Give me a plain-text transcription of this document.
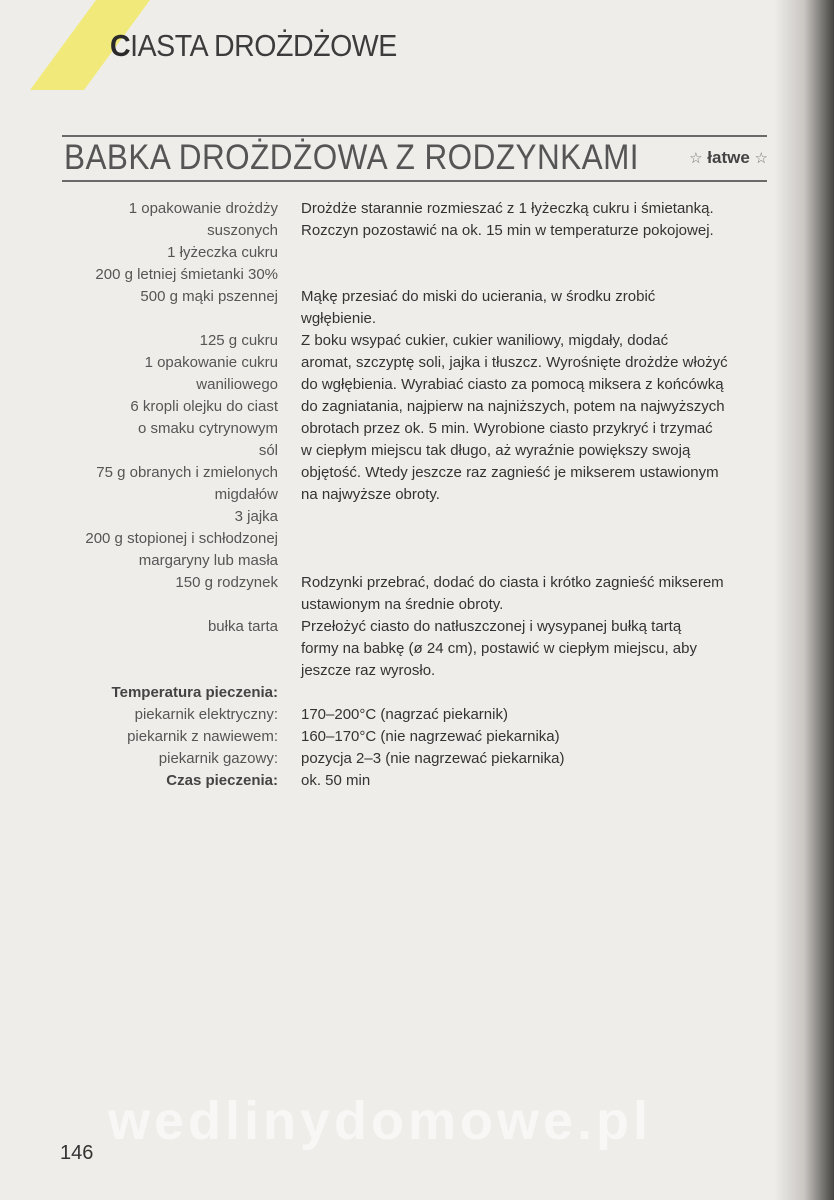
CIASTA DROŻDŻOWE
BABKA DROŻDŻOWA Z RODZYNKAMI	☆ łatwe ☆
1 opakowanie drożdży Drożdże starannie rozmieszać z 1 łyżeczką cukru i śmietanką.
suszonych Rozczyn pozostawić na ok. 15 min w temperaturze pokojowej.
1 łyżeczka cukru
200 g letniej śmietanki 30%
500 g mąki pszennej Mąkę przesiać do miski do ucierania, w środku zrobić
wgłębienie.
125 g cukru Z boku wsypać cukier, cukier waniliowy, migdały, dodać
1 opakowanie cukru aromat, szczyptę soli, jajka i tłuszcz. Wyrośnięte drożdże włożyć
waniliowego do wgłębienia. Wyrabiać ciasto za pomocą miksera z końcówką
6 kropli olejku do ciast do zagniatania, najpierw na najniższych, potem na najwyższych
o smaku cytrynowym obrotach przez ok. 5 min. Wyrobione ciasto przykryć i trzymać
sól w ciepłym miejscu tak długo, aż wyraźnie powiększy swoją
75 g obranych i zmielonych objętość. Wtedy jeszcze raz zagnieść je mikserem ustawionym
migdałów na najwyższe obroty.
3 jajka
200 g stopionej i schłodzonej
margaryny lub masła
150 g rodzynek Rodzynki przebrać, dodać do ciasta i krótko zagnieść mikserem
ustawionym na średnie obroty.
bułka tarta Przełożyć ciasto do natłuszczonej i wysypanej bułką tartą
formy na babkę (ø 24 cm), postawić w ciepłym miejscu, aby
jeszcze raz wyrosło.
Temperatura pieczenia:
piekarnik elektryczny: 170–200°C (nagrzać piekarnik)
piekarnik z nawiewem: 160–170°C (nie nagrzewać piekarnika)
piekarnik gazowy: pozycja 2–3 (nie nagrzewać piekarnika)
Czas pieczenia: ok. 50 min
wedlinydomowe.pl
146
